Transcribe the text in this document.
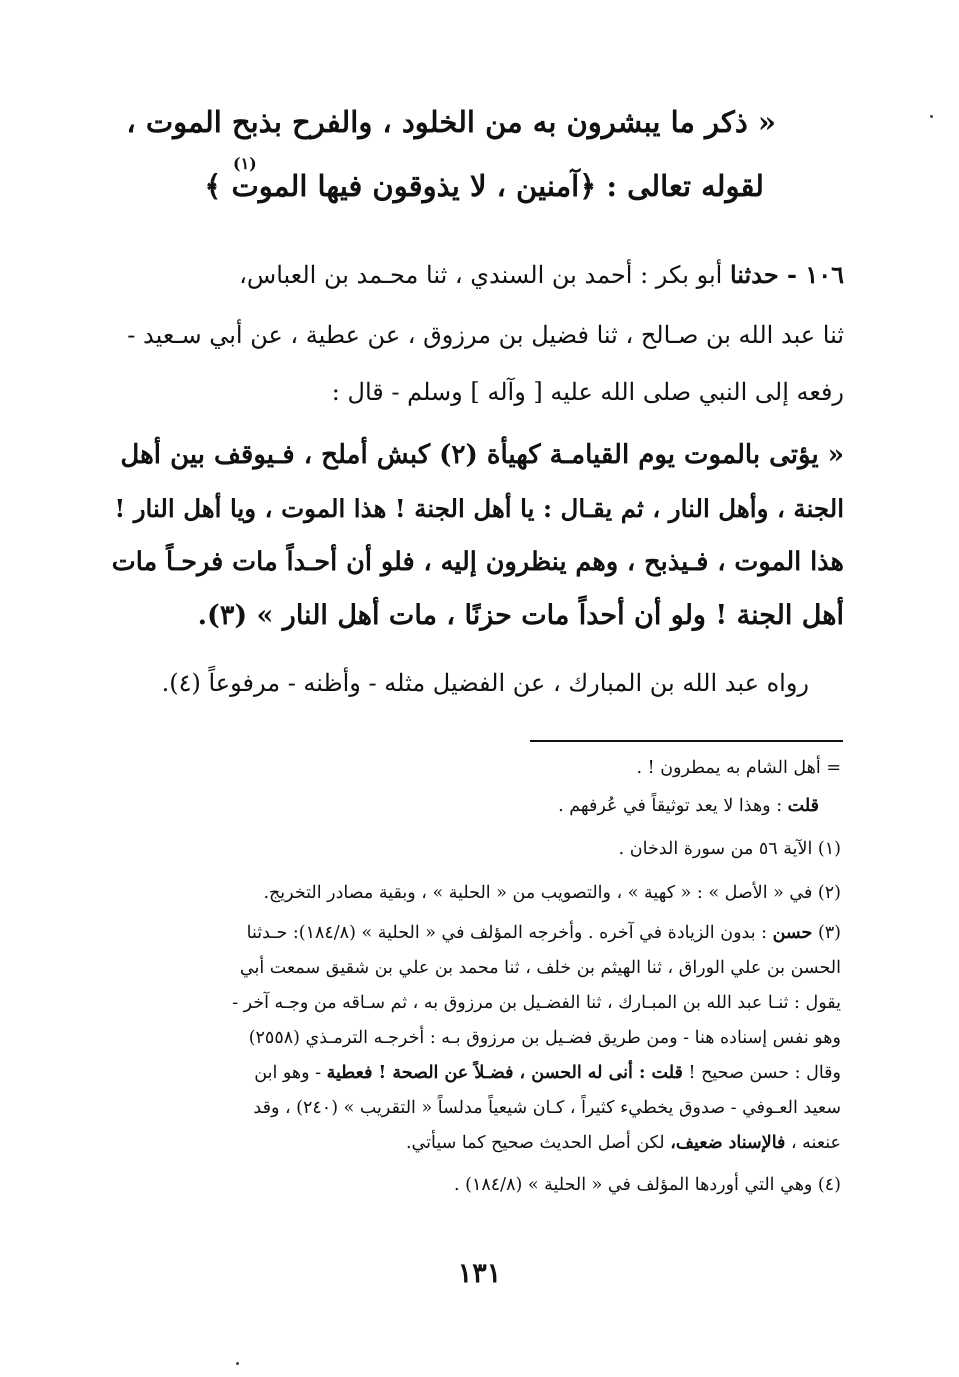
« ذكر ما يبشرون به من الخلود ، والفرح بذبح الموت ،
لقوله تعالى : ﴿آمنين ، لا يذوقون فيها الموت ﴾
(١)
١٠٦ - حدثنا أبو بكر : أحمد بن السندي ، ثنا محـمد بن العباس،
ثنا عبد الله بن صـالح ، ثنا فضيل بن مرزوق ، عن عطية ، عن أبي سـعيد -
رفعه إلى النبي صلى الله عليه [ وآله ] وسلم - قال :
« يؤتى بالموت يوم القيامـة كهيأة (٢) كبش أملح ، فـيوقف بين أهل
الجنة ، وأهل النار ، ثم يقـال : يا أهل الجنة ! هذا الموت ، ويا أهل النار !
هذا الموت ، فـيذبح ، وهم ينظرون إليه ، فلو أن أحـداً مات فرحـاً مات
أهل الجنة ! ولو أن أحداً مات حزنًا ، مات أهل النار » (٣).
رواه عبد الله بن المبارك ، عن الفضيل مثله - وأظنه - مرفوعاً (٤).
= أهل الشام به يمطرون ! .
قلت : وهذا لا يعد توثيقاً في عُرفهم .
(١) الآية ٥٦ من سورة الدخان .
(٢) في « الأصل » : « كهية » ، والتصويب من « الحلية » ، وبقية مصادر التخريج.
(٣) حسن : بدون الزيادة في آخره . وأخرجه المؤلف في « الحلية » (١٨٤/٨): حـدثنا
الحسن بن علي الوراق ، ثنا الهيثم بن خلف ، ثنا محمد بن علي بن شقيق سمعت أبي
يقول : ثنـا عبد الله بن المبـارك ، ثنا الفضـيل بن مرزوق به ، ثم سـاقه من وجـه آخر -
وهو نفس إسناده هنا - ومن طريق فضـيل بن مرزوق بـه : أخرجـه الترمـذي (٢٥٥٨)
وقال : حسن صحيح ! قلت : أنى له الحسن ، فضـلاً عن الصحة ! فعطية - وهو ابن
سعيد العـوفي - صدوق يخطيء كثيراً ، كـان شيعياً مدلساً « التقريب » (٢٤٠) ، وقد
عنعنه ، فالإسناد ضعيف، لكن أصل الحديث صحيح كما سيأتي.
(٤) وهي التي أوردها المؤلف في « الحلية » (١٨٤/٨) .
١٣١
